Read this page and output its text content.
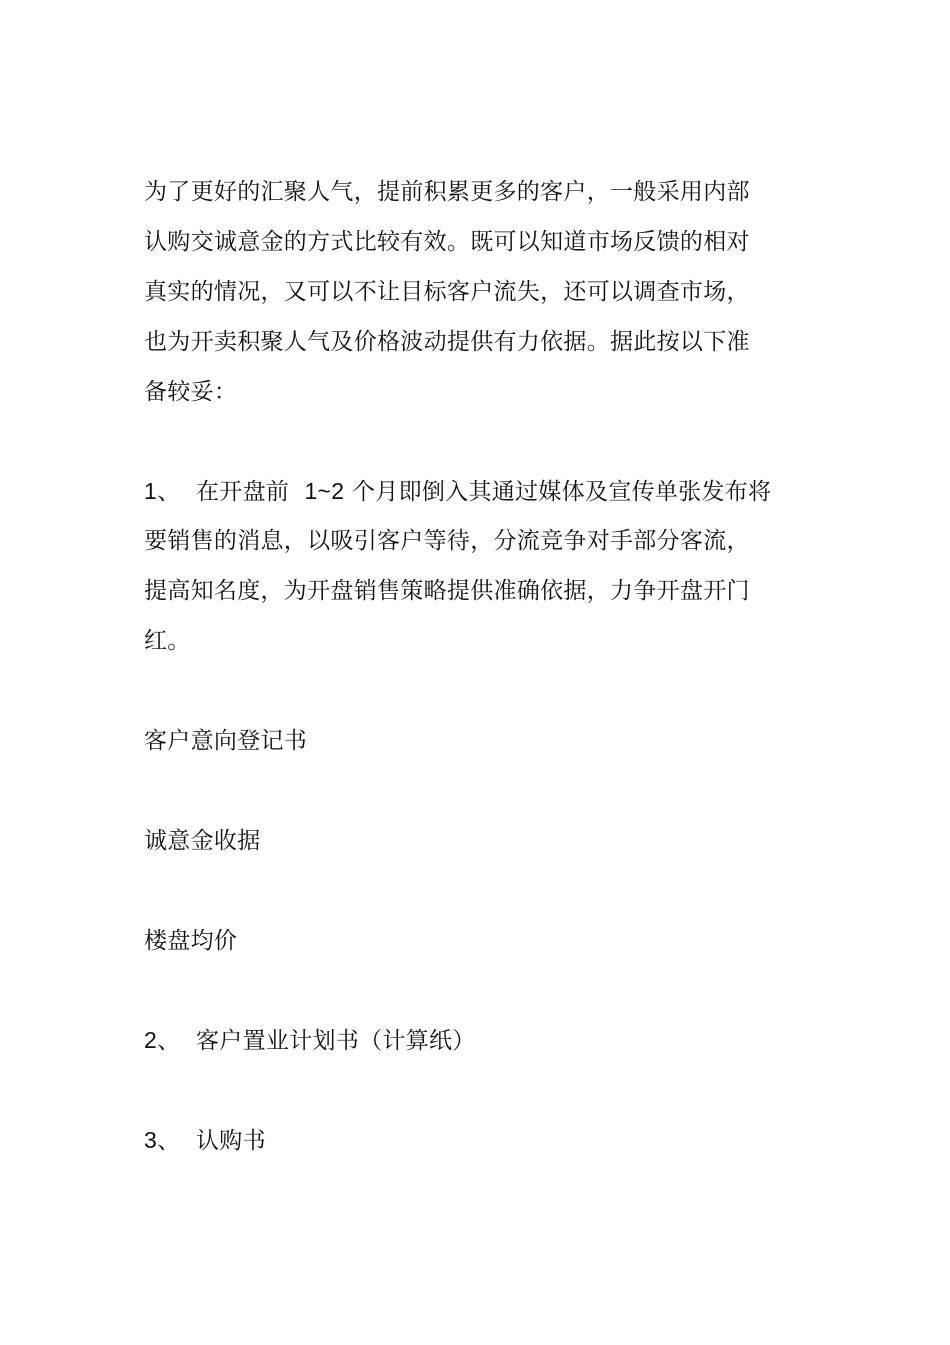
为了更好的汇聚人气，提前积累更多的客户，一般采用内部
认购交诚意金的方式比较有效。既可以知道市场反馈的相对
真实的情况，又可以不让目标客户流失，还可以调查市场，
也为开卖积聚人气及价格波动提供有力依据。据此按以下准
备较妥：
1、 在开盘前 1~2 个月即倒入其通过媒体及宣传单张发布将
要销售的消息，以吸引客户等待，分流竞争对手部分客流，
提高知名度，为开盘销售策略提供准确依据，力争开盘开门
红。
客户意向登记书
诚意金收据
楼盘均价
2、 客户置业计划书（计算纸）
3、 认购书
